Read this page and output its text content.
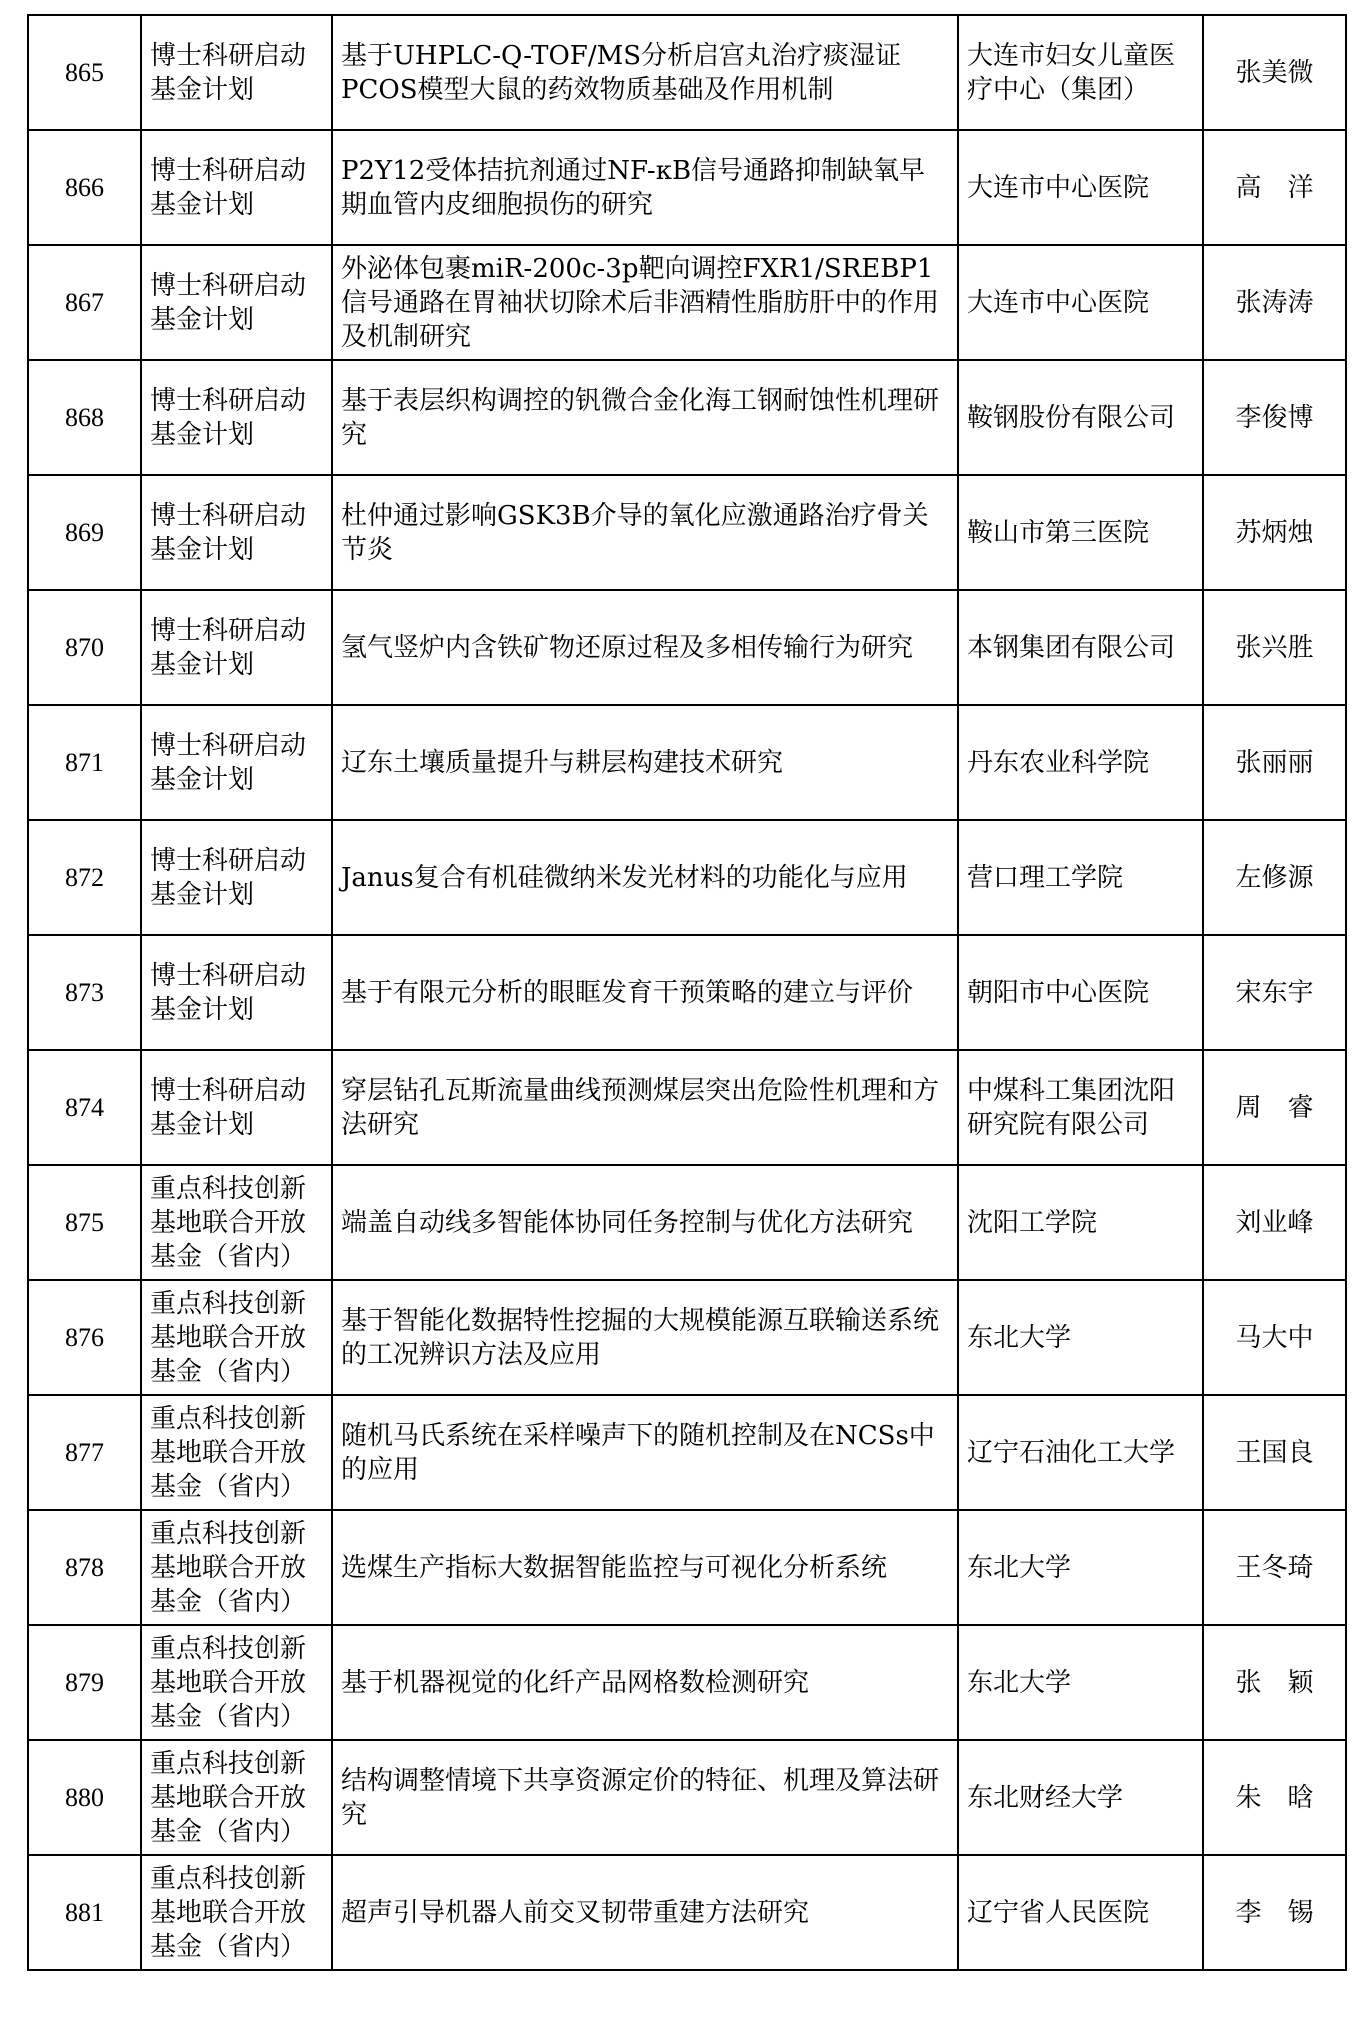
865	博士科研启动基金计划	基于UHPLC-Q-TOF/MS分析启宫丸治疗痰湿证PCOS模型大鼠的药效物质基础及作用机制	大连市妇女儿童医疗中心（集团）	张美微
866	博士科研启动基金计划	P2Y12受体拮抗剂通过NF-κB信号通路抑制缺氧早期血管内皮细胞损伤的研究	大连市中心医院	高　洋
867	博士科研启动基金计划	外泌体包裹miR-200c-3p靶向调控FXR1/SREBP1信号通路在胃袖状切除术后非酒精性脂肪肝中的作用及机制研究	大连市中心医院	张涛涛
868	博士科研启动基金计划	基于表层织构调控的钒微合金化海工钢耐蚀性机理研究	鞍钢股份有限公司	李俊博
869	博士科研启动基金计划	杜仲通过影响GSK3B介导的氧化应激通路治疗骨关节炎	鞍山市第三医院	苏炳烛
870	博士科研启动基金计划	氢气竖炉内含铁矿物还原过程及多相传输行为研究	本钢集团有限公司	张兴胜
871	博士科研启动基金计划	辽东土壤质量提升与耕层构建技术研究	丹东农业科学院	张丽丽
872	博士科研启动基金计划	Janus复合有机硅微纳米发光材料的功能化与应用	营口理工学院	左修源
873	博士科研启动基金计划	基于有限元分析的眼眶发育干预策略的建立与评价	朝阳市中心医院	宋东宇
874	博士科研启动基金计划	穿层钻孔瓦斯流量曲线预测煤层突出危险性机理和方法研究	中煤科工集团沈阳研究院有限公司	周　睿
875	重点科技创新基地联合开放基金（省内）	端盖自动线多智能体协同任务控制与优化方法研究	沈阳工学院	刘业峰
876	重点科技创新基地联合开放基金（省内）	基于智能化数据特性挖掘的大规模能源互联输送系统的工况辨识方法及应用	东北大学	马大中
877	重点科技创新基地联合开放基金（省内）	随机马氏系统在采样噪声下的随机控制及在NCSs中的应用	辽宁石油化工大学	王国良
878	重点科技创新基地联合开放基金（省内）	选煤生产指标大数据智能监控与可视化分析系统	东北大学	王冬琦
879	重点科技创新基地联合开放基金（省内）	基于机器视觉的化纤产品网格数检测研究	东北大学	张　颖
880	重点科技创新基地联合开放基金（省内）	结构调整情境下共享资源定价的特征、机理及算法研究	东北财经大学	朱　晗
881	重点科技创新基地联合开放基金（省内）	超声引导机器人前交叉韧带重建方法研究	辽宁省人民医院	李　锡
